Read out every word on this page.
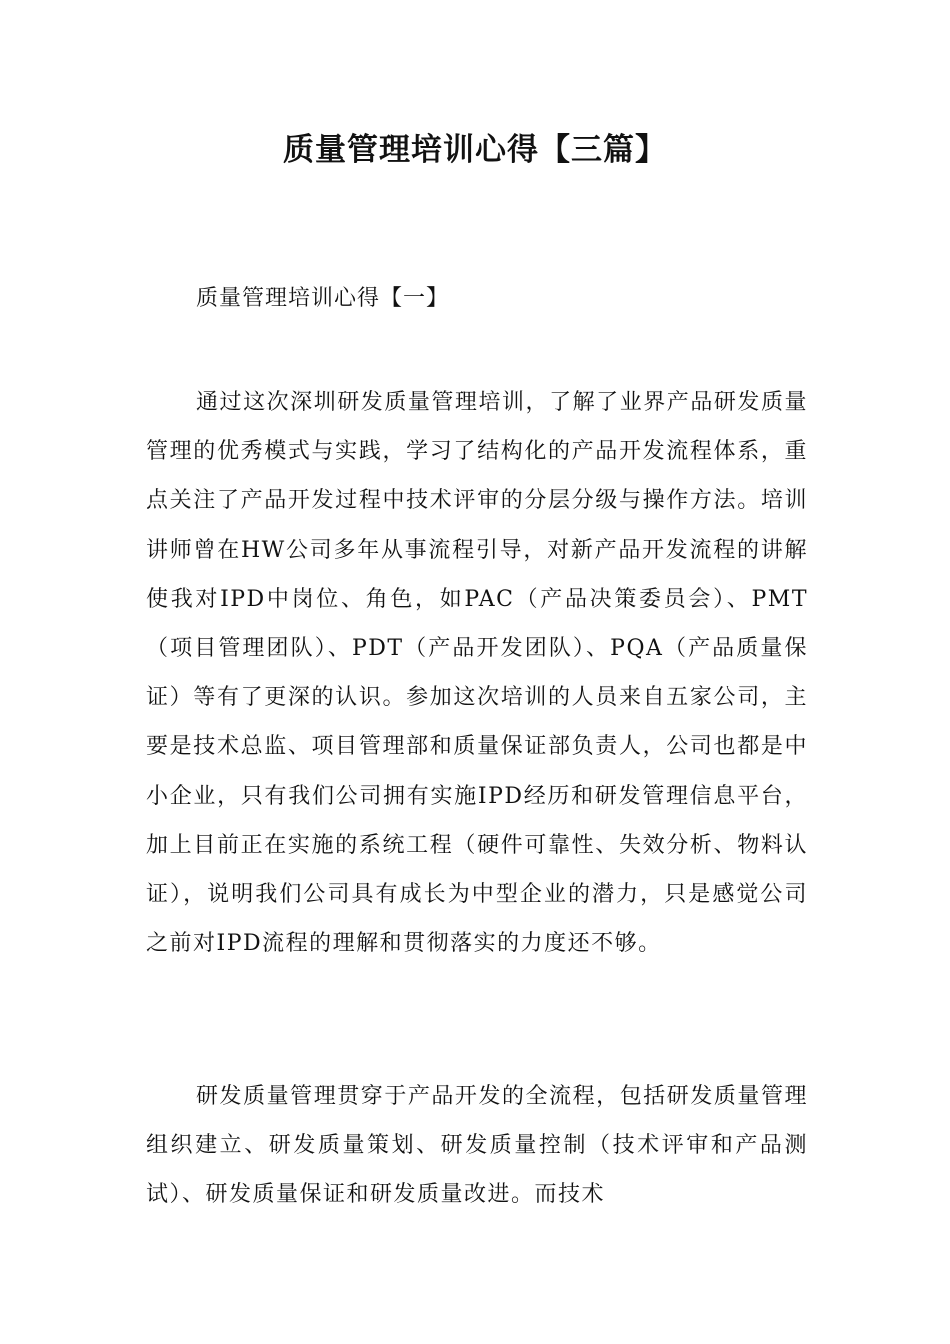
质量管理培训心得【三篇】
质量管理培训心得【一】

通过这次深圳研发质量管理培训，了解了业界产品研发质量管理的优秀模式与实践，学习了结构化的产品开发流程体系，重点关注了产品开发过程中技术评审的分层分级与操作方法。培训讲师曾在HW公司多年从事流程引导，对新产品开发流程的讲解使我对IPD中岗位、角色，如PAC（产品决策委员会）、PMT（项目管理团队）、PDT（产品开发团队）、PQA（产品质量保证）等有了更深的认识。参加这次培训的人员来自五家公司，主要是技术总监、项目管理部和质量保证部负责人，公司也都是中小企业，只有我们公司拥有实施IPD经历和研发管理信息平台，加上目前正在实施的系统工程（硬件可靠性、失效分析、物料认证），说明我们公司具有成长为中型企业的潜力，只是感觉公司之前对IPD流程的理解和贯彻落实的力度还不够。

研发质量管理贯穿于产品开发的全流程，包括研发质量管理组织建立、研发质量策划、研发质量控制（技术评审和产品测试）、研发质量保证和研发质量改进。而技术
